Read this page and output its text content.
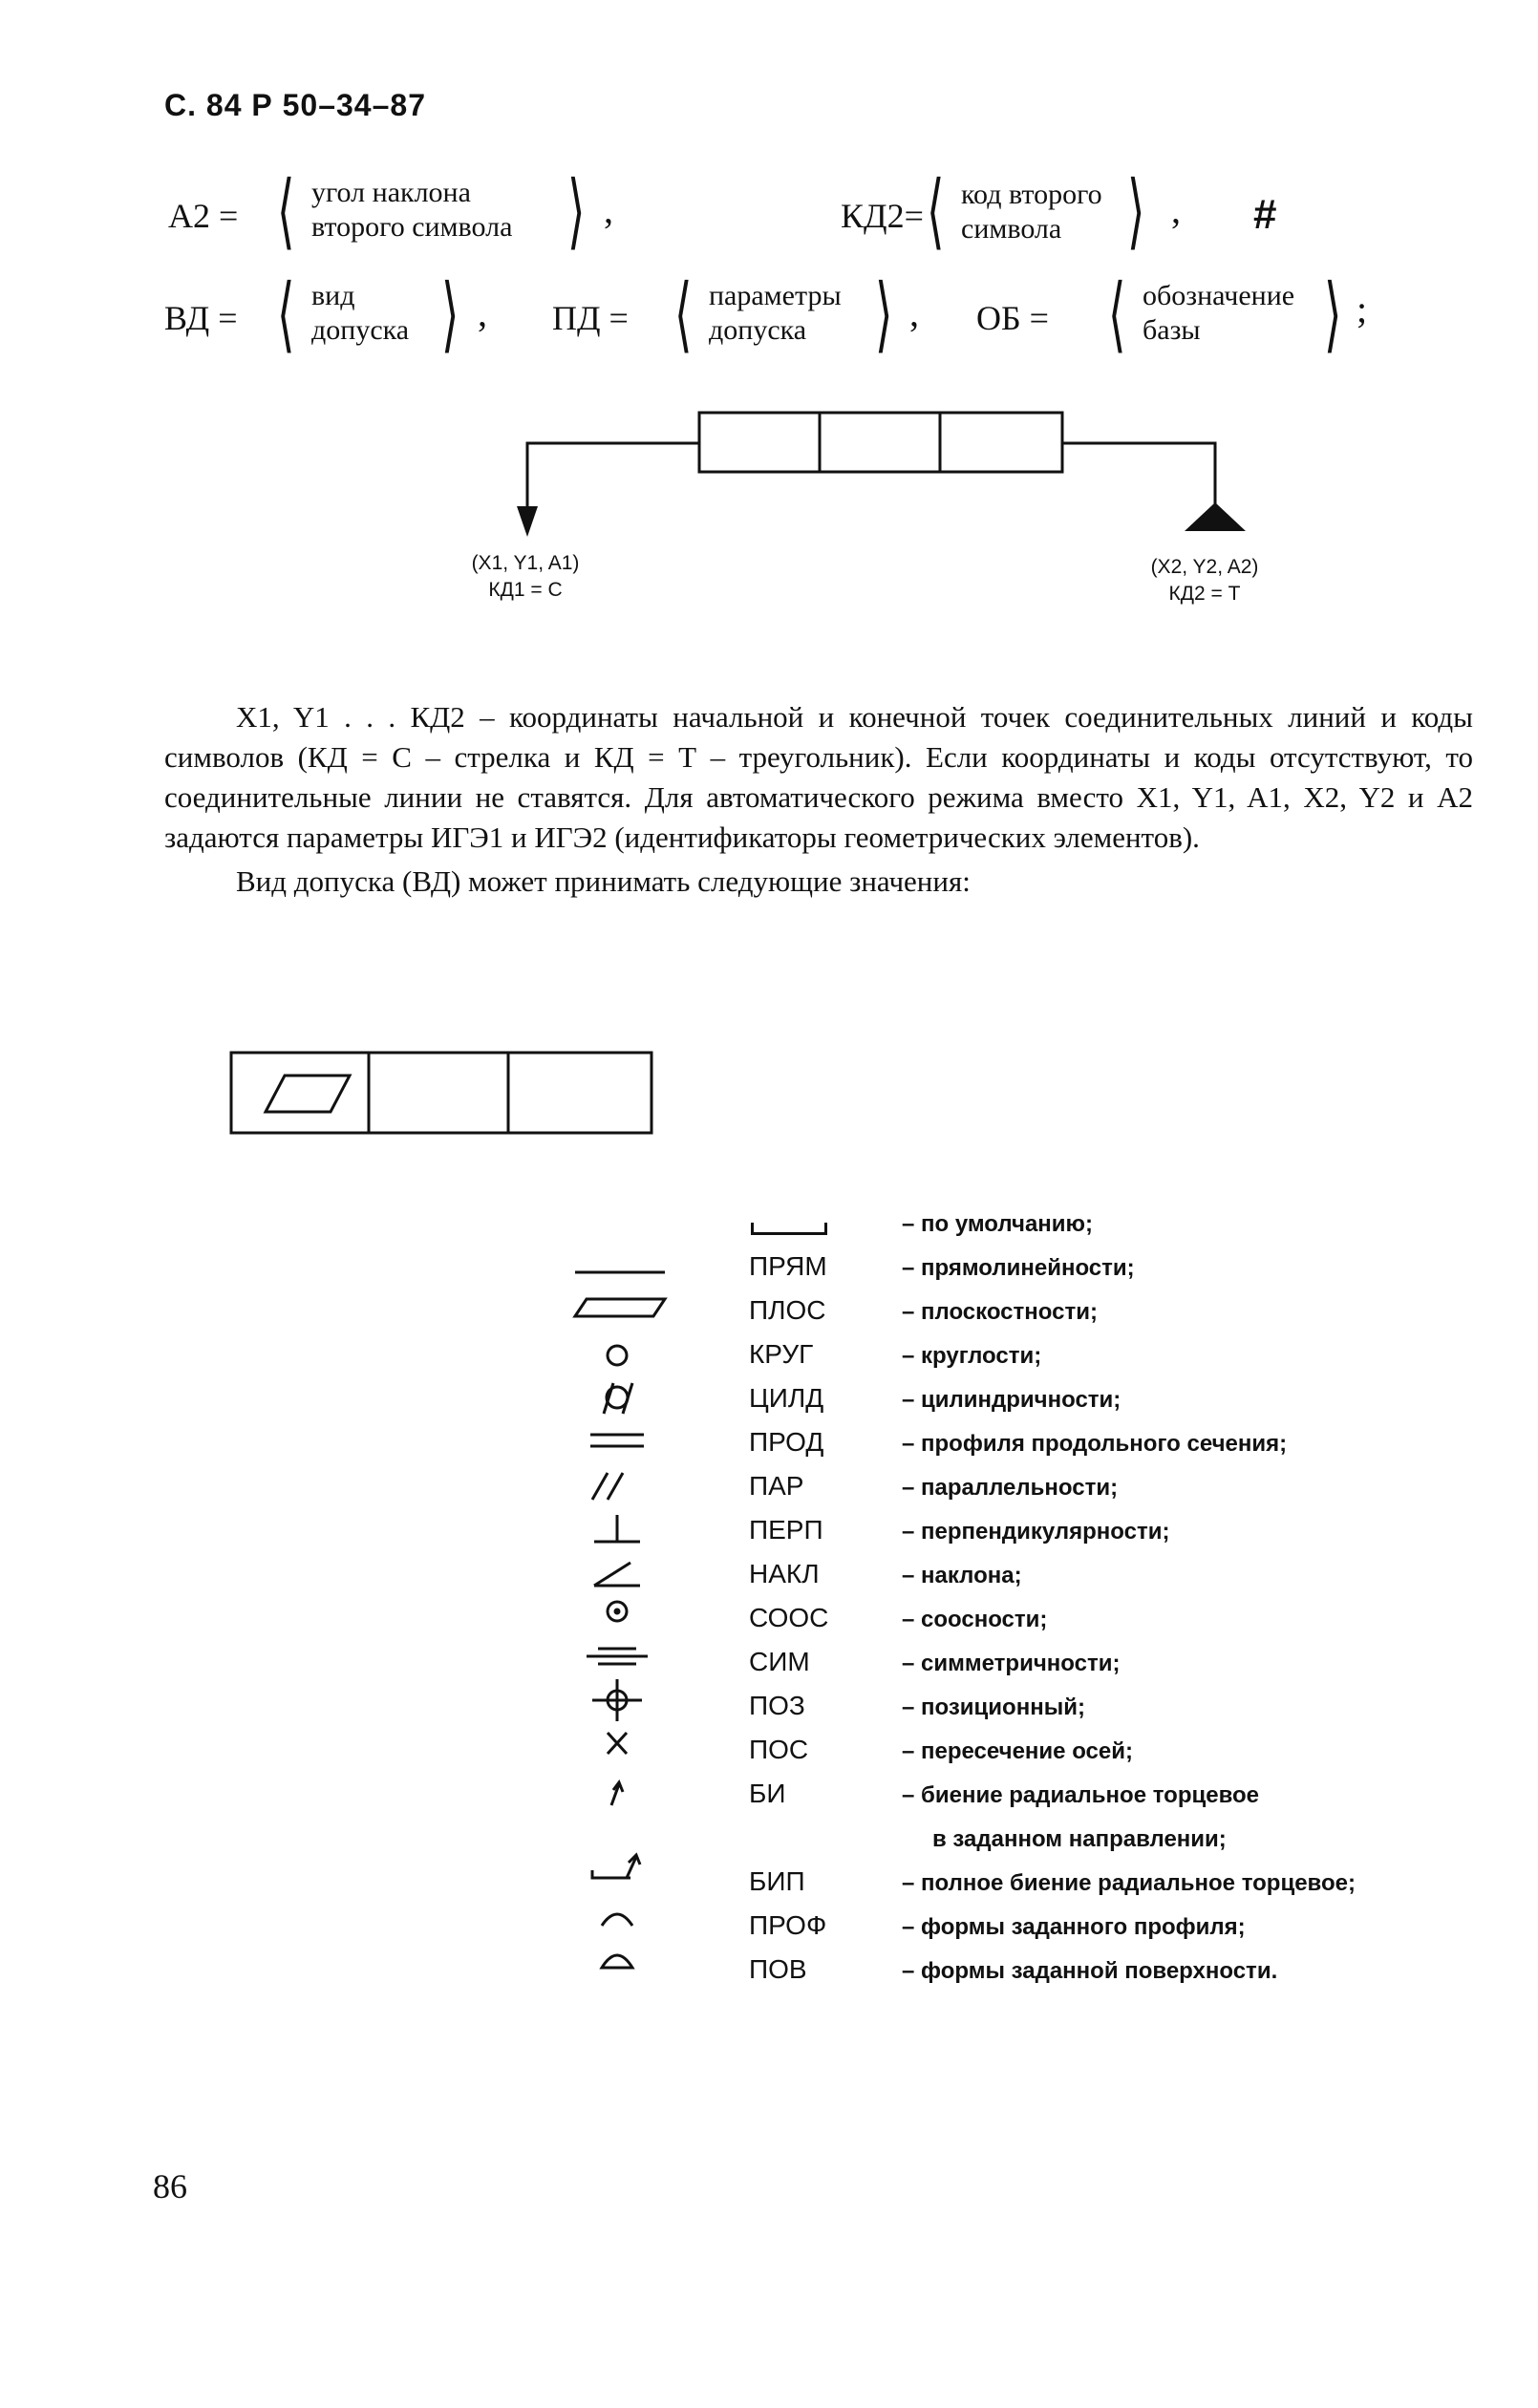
С. 84 Р 50–34–87
А2 = ⟨ угол наклона
второго символа ⟩ ,	КД2= ⟨ код второго
символа ⟩ , #
ВД = ⟨ вид
допуска ⟩ , ПД = ⟨ параметры
допуска ⟩ , ОБ = ⟨ обозначение
базы	⟩ ;
(X1, Y1, A1)
КД1 = С
(X2, Y2, A2)
КД2 = Т

X1, Y1 . . . КД2 – координаты начальной и конечной точек соединительных линий и коды символов (КД = С – стрелка и КД = Т – треугольник). Если координаты и коды отсутствуют, то соединительные линии не ставятся. Для автоматического режима вместо X1, Y1, A1, X2, Y2 и A2 задаются параметры ИГЭ1 и ИГЭ2 (идентификаторы геометрических элементов).

Вид допуска (ВД) может принимать следующие значения:

ПРЯМ
ПЛОС
КРУГ
ЦИЛД
ПРОД
ПАР
ПЕРП
НАКЛ
СООС
СИМ
ПОЗ
ПОС
БИ
БИП
ПРОФ
ПОВ
– по умолчанию;
– прямолинейности;
– плоскостности;
– круглости;
– цилиндричности;
– профиля продольного сечения;
– параллельности;
– перпендикулярности;
– наклона;
– соосности;
– симметричности;
– позиционный;
– пересечение осей;
– биение радиальное торцевое
в заданном направлении;
– полное биение радиальное торцевое;
– формы заданного профиля;
– формы заданной поверхности.
86
